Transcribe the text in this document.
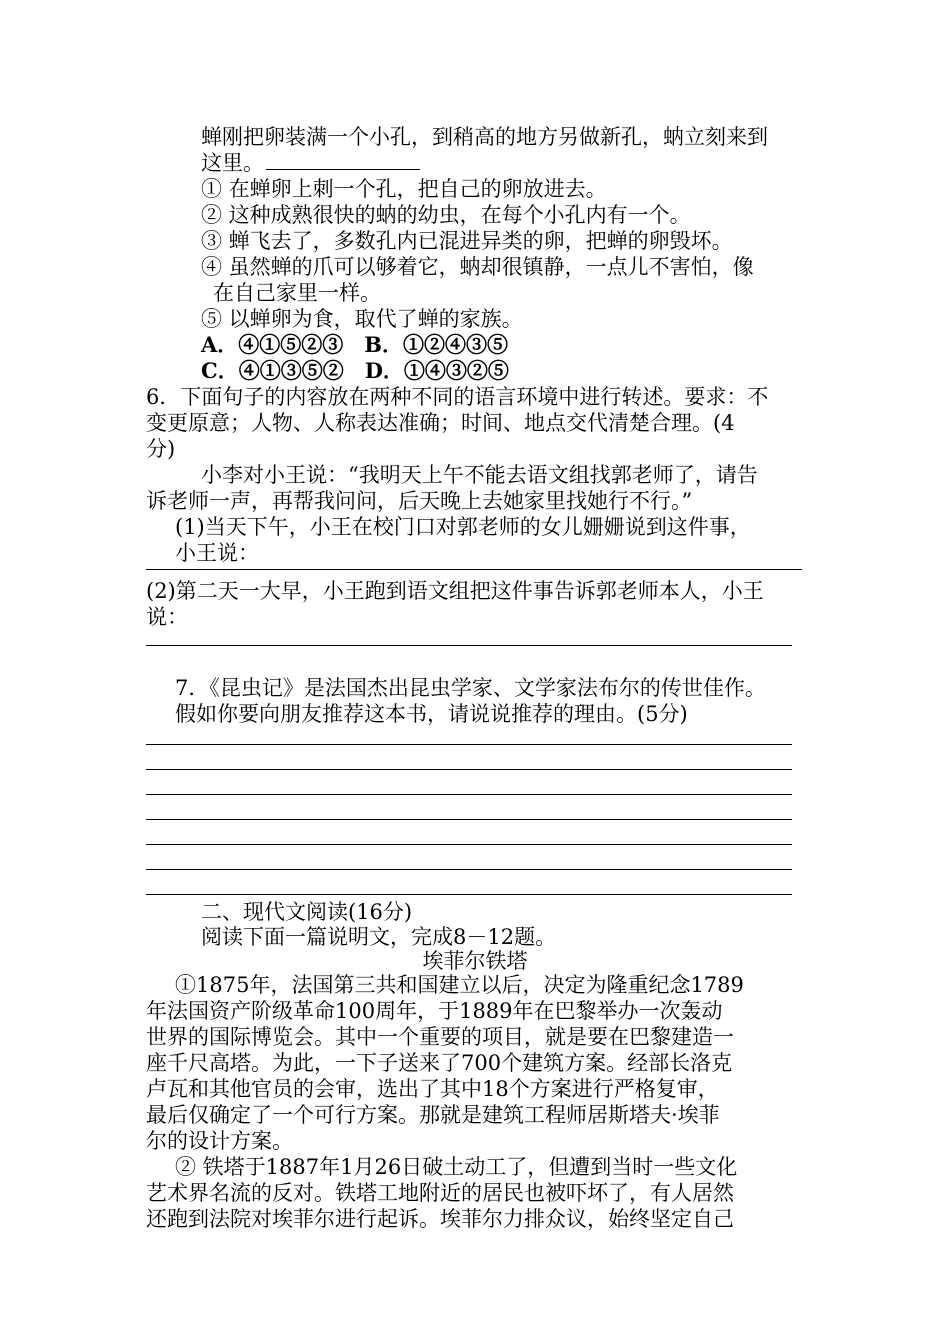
蝉刚把卵装满一个小孔，到稍高的地方另做新孔，蚋立刻来到

这里。

① 在蝉卵上刺一个孔，把自己的卵放进去。

② 这种成熟很快的蚋的幼虫，在每个小孔内有一个。

③ 蝉飞去了，多数孔内已混进异类的卵，把蝉的卵毁坏。

④ 虽然蝉的爪可以够着它，蚋却很镇静，一点儿不害怕，像

在自己家里一样。

⑤ 以蝉卵为食，取代了蝉的家族。

A．④①⑤②③　B．①②④③⑤

C．④①③⑤②　D．①④③②⑤

6．下面句子的内容放在两种不同的语言环境中进行转述。要求：不

变更原意；人物、人称表达准确；时间、地点交代清楚合理。(4

分)

小李对小王说：“我明天上午不能去语文组找郭老师了，请告

诉老师一声，再帮我问问，后天晚上去她家里找她行不行。”

(1)当天下午，小王在校门口对郭老师的女儿姗姗说到这件事，

小王说：

(2)第二天一大早，小王跑到语文组把这件事告诉郭老师本人，小王

说：

7．《昆虫记》是法国杰出昆虫学家、文学家法布尔的传世佳作。

假如你要向朋友推荐这本书，请说说推荐的理由。(5分)

二、现代文阅读(16分)

阅读下面一篇说明文，完成8－12题。

埃菲尔铁塔

①1875年，法国第三共和国建立以后，决定为隆重纪念1789

年法国资产阶级革命100周年，于1889年在巴黎举办一次轰动

世界的国际博览会。其中一个重要的项目，就是要在巴黎建造一

座千尺高塔。为此，一下子送来了700个建筑方案。经部长洛克

卢瓦和其他官员的会审，选出了其中18个方案进行严格复审，

最后仅确定了一个可行方案。那就是建筑工程师居斯塔夫·埃菲

尔的设计方案。

② 铁塔于1887年1月26日破土动工了，但遭到当时一些文化

艺术界名流的反对。铁塔工地附近的居民也被吓坏了，有人居然

还跑到法院对埃菲尔进行起诉。埃菲尔力排众议，始终坚定自己
